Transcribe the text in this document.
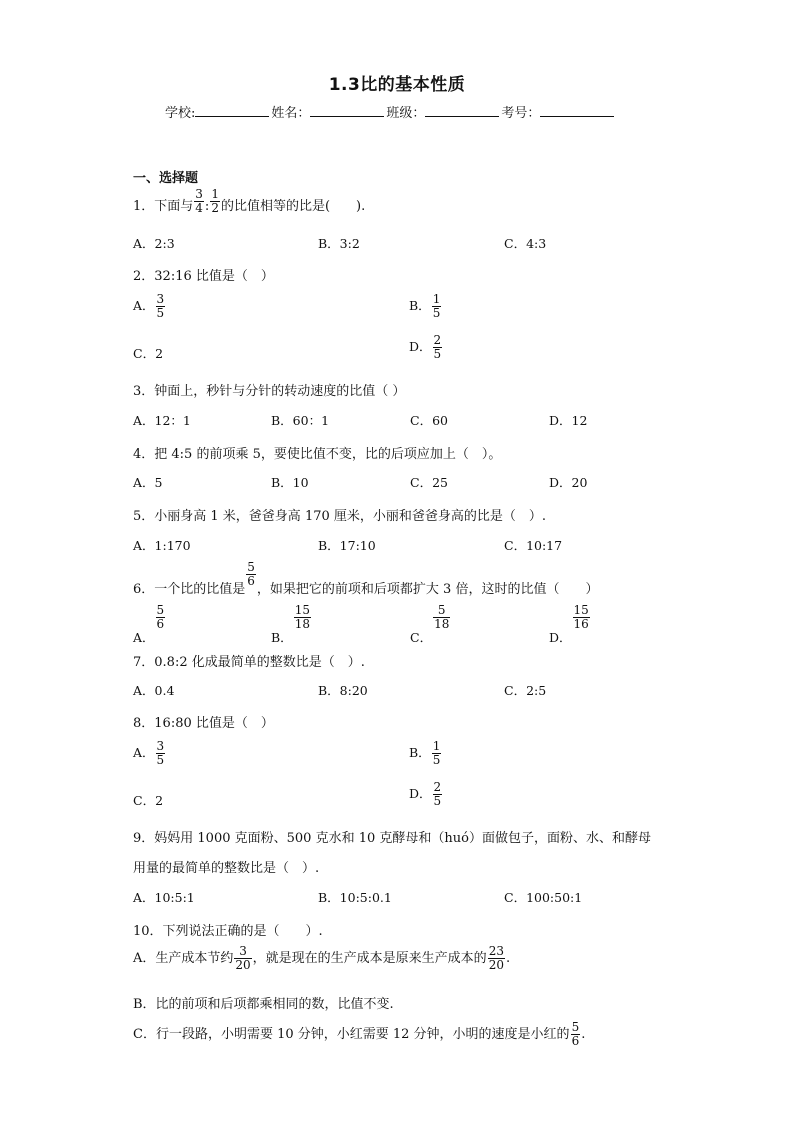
1.3比的基本性质
学校:	姓名：	班级：	考号：
一、选择题
1．下面与 $\frac{3}{4}$ : $\frac{1}{2}$ 的比值相等的比是(　　).
A．2:3	B．3:2	C．4:3
2．32:16 比值是（　）
A． $\frac{3}{5}$	B． $\frac{1}{5}$
C．2	D． $\frac{2}{5}$
3．钟面上，秒针与分针的转动速度的比值（ ）
A．12：1	B．60：1	C．60	D．12
4．把 4:5 的前项乘 5，要使比值不变，比的后项应加上（　）。
A．5	B．10	C．25	D．20
5．小丽身高 1 米，爸爸身高 170 厘米，小丽和爸爸身高的比是（　）.
A．1:170	B．17:10	C．10:17
6．一个比的比值是
$\frac{5}{6}$
，如果把它的前项和后项都扩大 3 倍，这时的比值（　　）
A．
$\frac{5}{6}$
B．
$\frac{15}{18}$
C．
$\frac{5}{18}$
D．
$\frac{15}{16}$
7．0.8:2 化成最简单的整数比是（　）.
A．0.4	B．8:20	C．2:5
8．16:80 比值是（　）
A． $\frac{3}{5}$	B． $\frac{1}{5}$
C．2	D． $\frac{2}{5}$
9．妈妈用 1000 克面粉、500 克水和 10 克酵母和（huó）面做包子，面粉、水、和酵母
用量的最简单的整数比是（　）.
A．10:5:1	B．10:5:0.1	C．100:50:1
10．下列说法正确的是（　　）.
A．生产成本节约 $\frac{3}{20}$ ，就是现在的生产成本是原来生产成本的 $\frac{23}{20}$ .
B．比的前项和后项都乘相同的数，比值不变.
C．行一段路，小明需要 10 分钟，小红需要 12 分钟，小明的速度是小红的 $\frac{5}{6}$ .
